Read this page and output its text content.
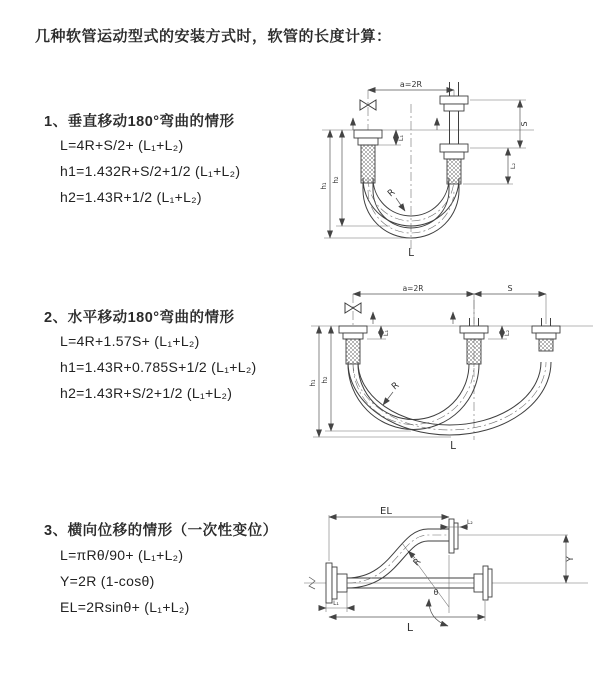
几种软管运动型式的安装方式时，软管的长度计算：
1、垂直移动180°弯曲的情形
L=4R+S/2+ (L₁+L₂)
h1=1.432R+S/2+1/2 (L₁+L₂)
h2=1.43R+1/2 (L₁+L₂)
2、水平移动180°弯曲的情形
L=4R+1.57S+ (L₁+L₂)
h1=1.43R+0.785S+1/2 (L₁+L₂)
h2=1.43R+S/2+1/2 (L₁+L₂)
3、横向位移的情形（一次性变位）
L=πRθ/90+ (L₁+L₂)
Y=2R (1-cosθ)
EL=2Rsinθ+ (L₁+L₂)
a=2R
L₁
S
L₂
R
h₁
h₂
L
a=2R	S
L₁	L₂
R
h₁ h₂
L
EL
L₂
Y
θ
R
L₁
L
